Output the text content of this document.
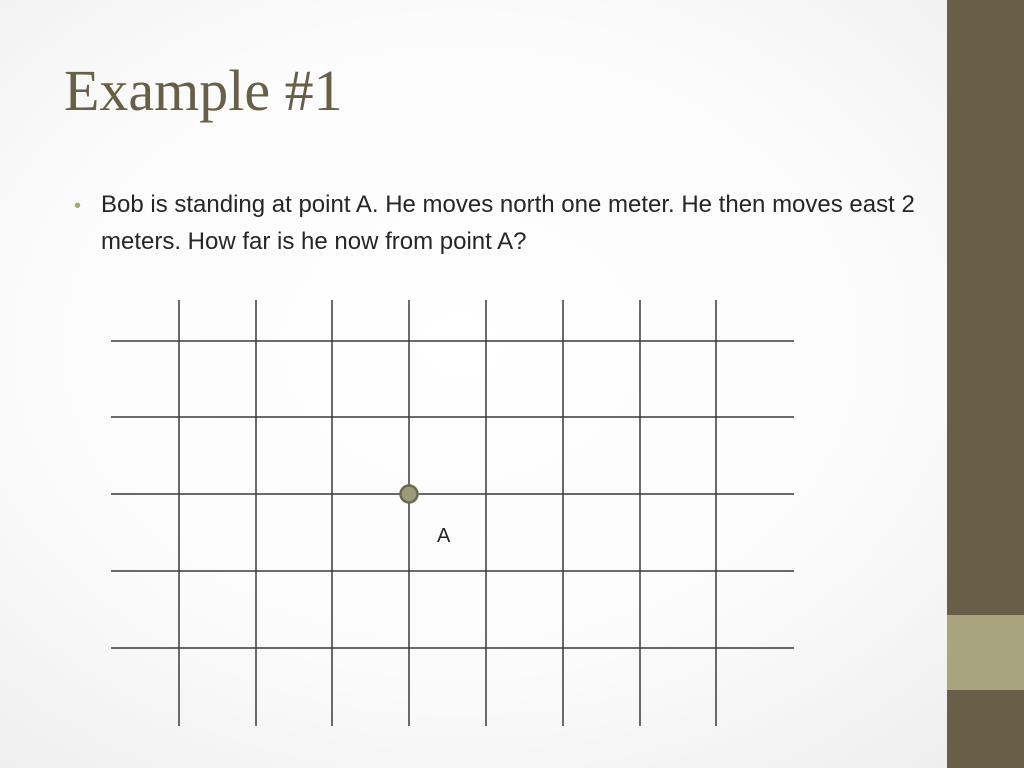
Example #1
• Bob is standing at point A. He moves north one meter. He then moves east 2 meters. How far is he now from point A?
A
